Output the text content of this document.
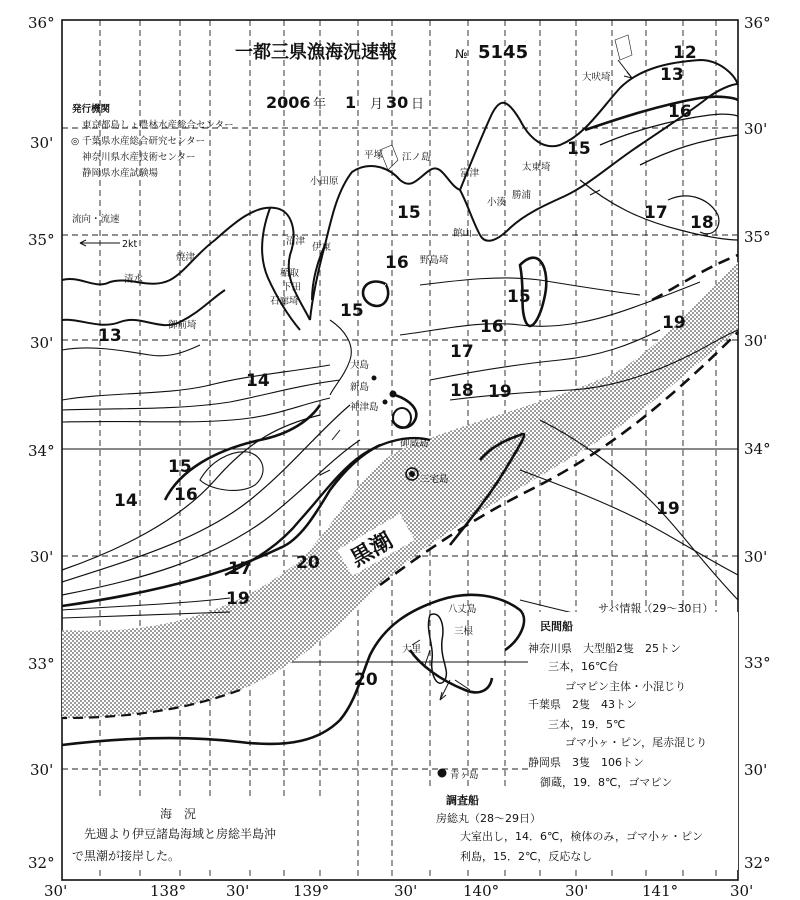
流向・流速
2kt
一都三県漁海況速報	№ 5145
2006 年 1 月 30 日
発行機関
東京都島しょ農林水産総合センター
◎ 千葉県水産総合研究センター
神奈川県水産技術センター
静岡県水産試験場
36°
30'
35°
30'
34°
30'
33°
30'
32°
36°
30'
35°
30'
34°
30'
33°
30'
32°
30'	138°	30'	139°	30'	140°	30'	141°	30'
12
13
16
15
17 18
15
16
15
16	19
13
15
17
14	18 19
15
14 16
20
17
19
19
20
黒潮
大吠埼
太東埼
勝浦
小湊
野島埼
館山
富津
平塚
小田原
江ノ島
沼津
伊東
稲取
下田
石廊埼
御前埼
焼津
清水
大島
新島
神津島
三宅島
八丈島
大里
三根
青ヶ島
御蔵島
サバ情報（29～30日）
民間船
神奈川県　大型船2隻　25トン
三本，16℃台
ゴマピン主体・小混じり
千葉県　2隻　43トン
三本，19．5℃
ゴマ小ヶ・ピン，尾赤混じり
静岡県　3隻　106トン
御蔵，19．8℃，ゴマピン
調査船
房総丸（28～29日）
大室出し，14．6℃，検体のみ，ゴマ小ヶ・ピン
利島，15．2℃，反応なし
海　況
先週より伊豆諸島海域と房総半島沖
で黒潮が接岸した。
